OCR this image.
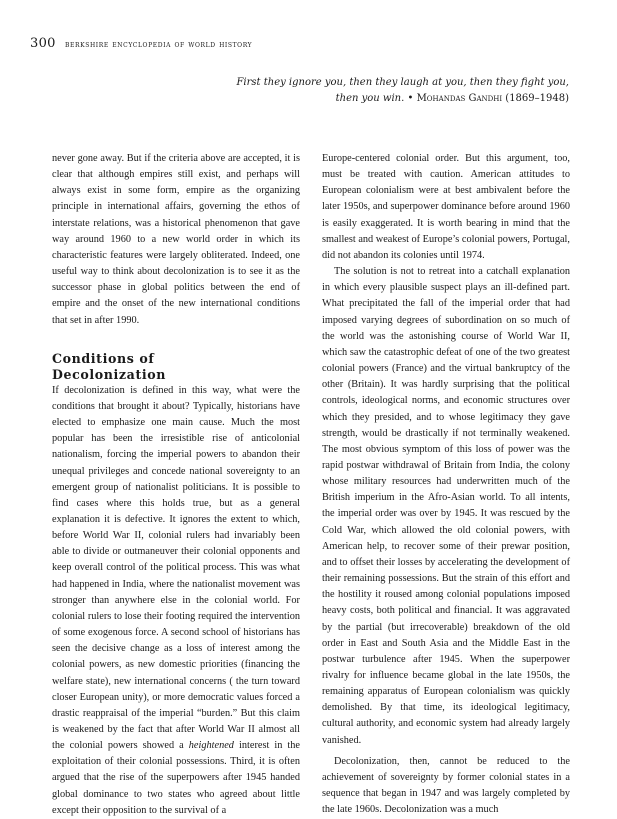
300 berkshire encyclopedia of world history
First they ignore you, then they laugh at you, then they fight you,
then you win. • Mohandas Gandhi (1869–1948)

never gone away. But if the criteria above are accepted, it is clear that although empires still exist, and perhaps will always exist in some form, empire as the organizing principle in international affairs, governing the ethos of interstate relations, was a historical phenomenon that gave way around 1960 to a new world order in which its characteristic features were largely obliterated. Indeed, one useful way to think about decolonization is to see it as the successor phase in global politics between the end of empire and the onset of the new international conditions that set in after 1990.

Conditions of
Decolonization

If decolonization is defined in this way, what were the conditions that brought it about? Typically, historians have elected to emphasize one main cause. Much the most popular has been the irresistible rise of anticolonial nationalism, forcing the imperial powers to abandon their unequal privileges and concede national sovereignty to an emergent group of nationalist politicians. It is possible to find cases where this holds true, but as a general explanation it is defective. It ignores the extent to which, before World War II, colonial rulers had invariably been able to divide or outmaneuver their colonial opponents and keep overall control of the political process. This was what had happened in India, where the nationalist movement was stronger than anywhere else in the colonial world. For colonial rulers to lose their footing required the intervention of some exogenous force. A second school of historians has seen the decisive change as a loss of interest among the colonial powers, as new domestic priorities (financing the welfare state), new international concerns ( the turn toward closer European unity), or more democratic values forced a drastic reappraisal of the imperial “burden.” But this claim is weakened by the fact that after World War II almost all the colonial powers showed a heightened interest in the exploitation of their colonial possessions. Third, it is often argued that the rise of the superpowers after 1945 handed global dominance to two states who agreed about little except their opposition to the survival of a

Europe-centered colonial order. But this argument, too, must be treated with caution. American attitudes to European colonialism were at best ambivalent before the later 1950s, and superpower dominance before around 1960 is easily exaggerated. It is worth bearing in mind that the smallest and weakest of Europe’s colonial powers, Portugal, did not abandon its colonies until 1974.

The solution is not to retreat into a catchall explanation in which every plausible suspect plays an ill-defined part. What precipitated the fall of the imperial order that had imposed varying degrees of subordination on so much of the world was the astonishing course of World War II, which saw the catastrophic defeat of one of the two greatest colonial powers (France) and the virtual bankruptcy of the other (Britain). It was hardly surprising that the political controls, ideological norms, and economic structures over which they presided, and to whose legitimacy they gave strength, would be drastically if not terminally weakened. The most obvious symptom of this loss of power was the rapid postwar withdrawal of Britain from India, the colony whose military resources had underwritten much of the British imperium in the Afro-Asian world. To all intents, the imperial order was over by 1945. It was rescued by the Cold War, which allowed the old colonial powers, with American help, to recover some of their prewar position, and to offset their losses by accelerating the development of their remaining possessions. But the strain of this effort and the hostility it roused among colonial populations imposed heavy costs, both political and financial. It was aggravated by the partial (but irrecoverable) breakdown of the old order in East and South Asia and the Middle East in the postwar turbulence after 1945. When the superpower rivalry for influence became global in the late 1950s, the remaining apparatus of European colonialism was quickly demolished. By that time, its ideological legitimacy, cultural authority, and economic system had already largely vanished.

Decolonization, then, cannot be reduced to the achievement of sovereignty by former colonial states in a sequence that began in 1947 and was largely completed by the late 1960s. Decolonization was a much
